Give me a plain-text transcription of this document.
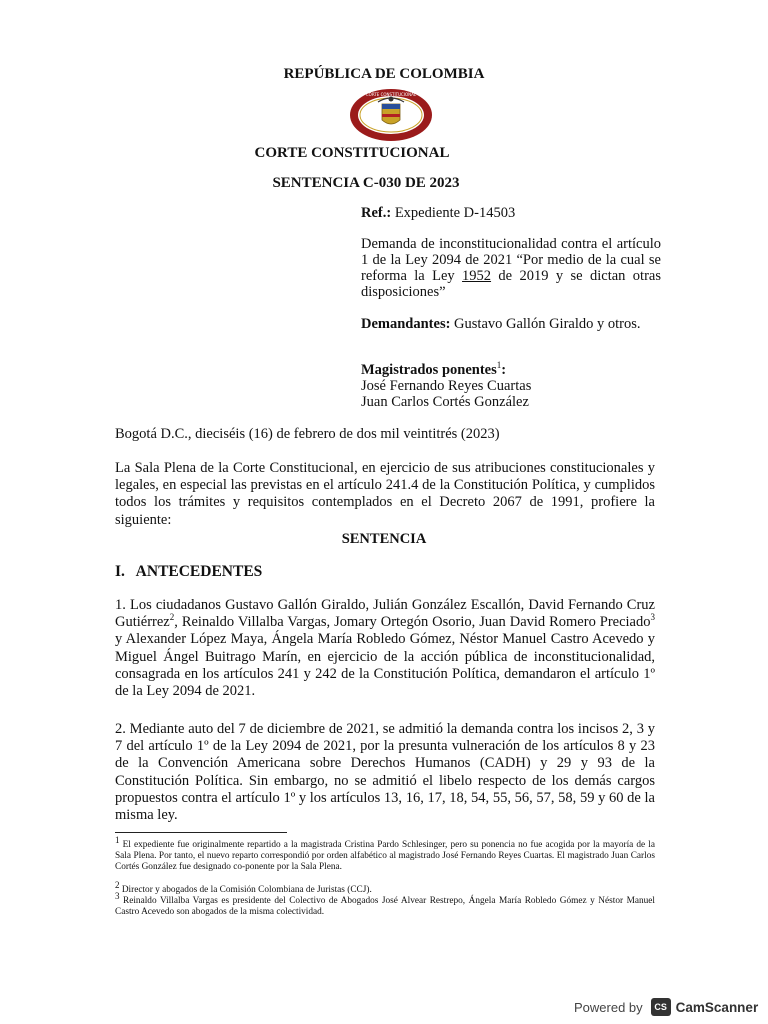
REPÚBLICA DE COLOMBIA
CORTE CONSTITUCIONAL
CORTE CONSTITUCIONAL
SENTENCIA C-030 DE 2023
Ref.: Expediente D-14503
Demanda de inconstitucionalidad contra el artículo 1 de la Ley 2094 de 2021 “Por medio de la cual se reforma la Ley 1952 de 2019 y se dictan otras disposiciones”
Demandantes: Gustavo Gallón Giraldo y otros.
Magistrados ponentes$^1$:
José Fernando Reyes Cuartas
Juan Carlos Cortés González
Bogotá D.C., dieciséis (16) de febrero de dos mil veintitrés (2023)
La Sala Plena de la Corte Constitucional, en ejercicio de sus atribuciones constitucionales y legales, en especial las previstas en el artículo 241.4 de la Constitución Política, y cumplidos todos los trámites y requisitos contemplados en el Decreto 2067 de 1991, profiere la siguiente:
SENTENCIA
I.   ANTECEDENTES
1. Los ciudadanos Gustavo Gallón Giraldo, Julián González Escallón, David Fernando Cruz Gutiérrez$^2$, Reinaldo Villalba Vargas, Jomary Ortegón Osorio, Juan David Romero Preciado$^3$ y Alexander López Maya, Ángela María Robledo Gómez, Néstor Manuel Castro Acevedo y Miguel Ángel Buitrago Marín, en ejercicio de la acción pública de inconstitucionalidad, consagrada en los artículos 241 y 242 de la Constitución Política, demandaron el artículo 1º de la Ley 2094 de 2021.
2. Mediante auto del 7 de diciembre de 2021, se admitió la demanda contra los incisos 2, 3 y 7 del artículo 1º de la Ley 2094 de 2021, por la presunta vulneración de los artículos 8 y 23 de la Convención Americana sobre Derechos Humanos (CADH) y 29 y 93 de la Constitución Política. Sin embargo, no se admitió el libelo respecto de los demás cargos propuestos contra el artículo 1º y los artículos 13, 16, 17, 18, 54, 55, 56, 57, 58, 59 y 60 de la misma ley.
$^1$ El expediente fue originalmente repartido a la magistrada Cristina Pardo Schlesinger, pero su ponencia no fue acogida por la mayoría de la Sala Plena. Por tanto, el nuevo reparto correspondió por orden alfabético al magistrado José Fernando Reyes Cuartas. El magistrado Juan Carlos Cortés González fue designado co-ponente por la Sala Plena.
$^2$ Director y abogados de la Comisión Colombiana de Juristas (CCJ).
$^3$ Reinaldo Villalba Vargas es presidente del Colectivo de Abogados José Alvear Restrepo, Ángela María Robledo Gómez y Néstor Manuel Castro Acevedo son abogados de la misma colectividad.
Powered by	CS CamScanner
